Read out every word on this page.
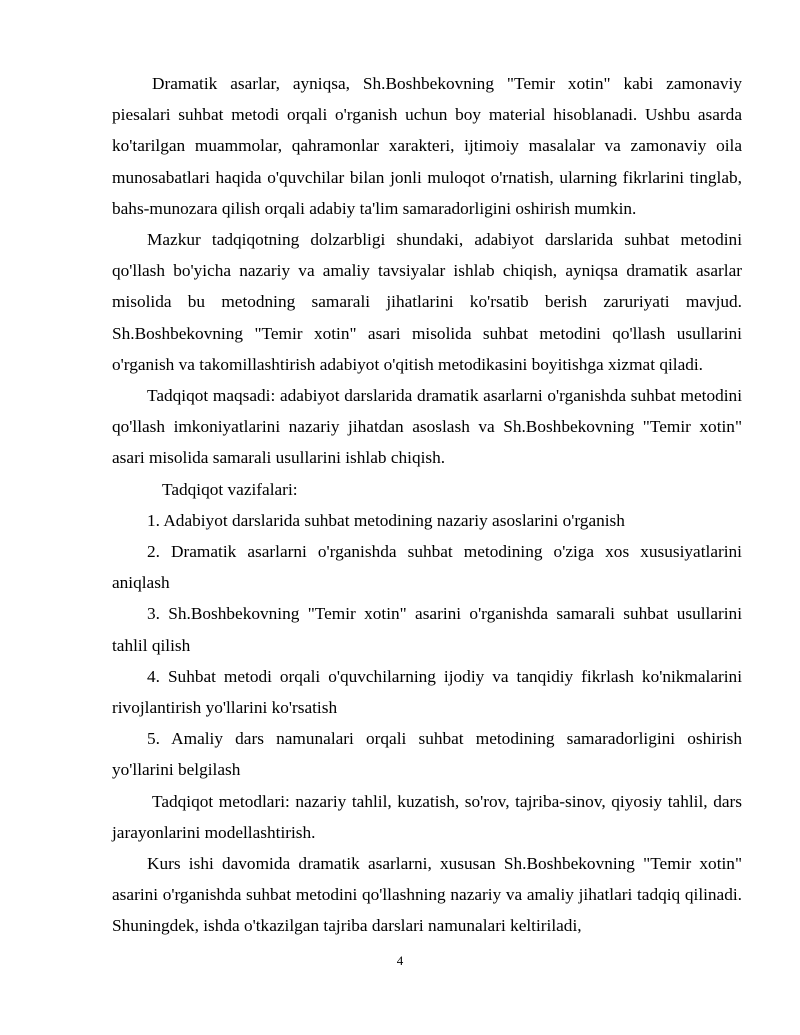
Dramatik asarlar, ayniqsa, Sh.Boshbekovning "Temir xotin" kabi zamonaviy piesalari suhbat metodi orqali o'rganish uchun boy material hisoblanadi. Ushbu asarda ko'tarilgan muammolar, qahramonlar xarakteri, ijtimoiy masalalar va zamonaviy oila munosabatlari haqida o'quvchilar bilan jonli muloqot o'rnatish, ularning fikrlarini tinglab, bahs-munozara qilish orqali adabiy ta'lim samaradorligini oshirish mumkin.

Mazkur tadqiqotning dolzarbligi shundaki, adabiyot darslarida suhbat metodini qo'llash bo'yicha nazariy va amaliy tavsiyalar ishlab chiqish, ayniqsa dramatik asarlar misolida bu metodning samarali jihatlarini ko'rsatib berish zaruriyati mavjud. Sh.Boshbekovning "Temir xotin" asari misolida suhbat metodini qo'llash usullarini o'rganish va takomillashtirish adabiyot o'qitish metodikasini boyitishga xizmat qiladi.

Tadqiqot maqsadi: adabiyot darslarida dramatik asarlarni o'rganishda suhbat metodini qo'llash imkoniyatlarini nazariy jihatdan asoslash va Sh.Boshbekovning "Temir xotin" asari misolida samarali usullarini ishlab chiqish.

Tadqiqot vazifalari:

1. Adabiyot darslarida suhbat metodining nazariy asoslarini o'rganish

2. Dramatik asarlarni o'rganishda suhbat metodining o'ziga xos xususiyatlarini aniqlash

3. Sh.Boshbekovning "Temir xotin" asarini o'rganishda samarali suhbat usullarini tahlil qilish

4. Suhbat metodi orqali o'quvchilarning ijodiy va tanqidiy fikrlash ko'nikmalarini rivojlantirish yo'llarini ko'rsatish

5. Amaliy dars namunalari orqali suhbat metodining samaradorligini oshirish yo'llarini belgilash

Tadqiqot metodlari: nazariy tahlil, kuzatish, so'rov, tajriba-sinov, qiyosiy tahlil, dars jarayonlarini modellashtirish.

Kurs ishi davomida dramatik asarlarni, xususan Sh.Boshbekovning "Temir xotin" asarini o'rganishda suhbat metodini qo'llashning nazariy va amaliy jihatlari tadqiq qilinadi. Shuningdek, ishda o'tkazilgan tajriba darslari namunalari keltiriladi,

4
